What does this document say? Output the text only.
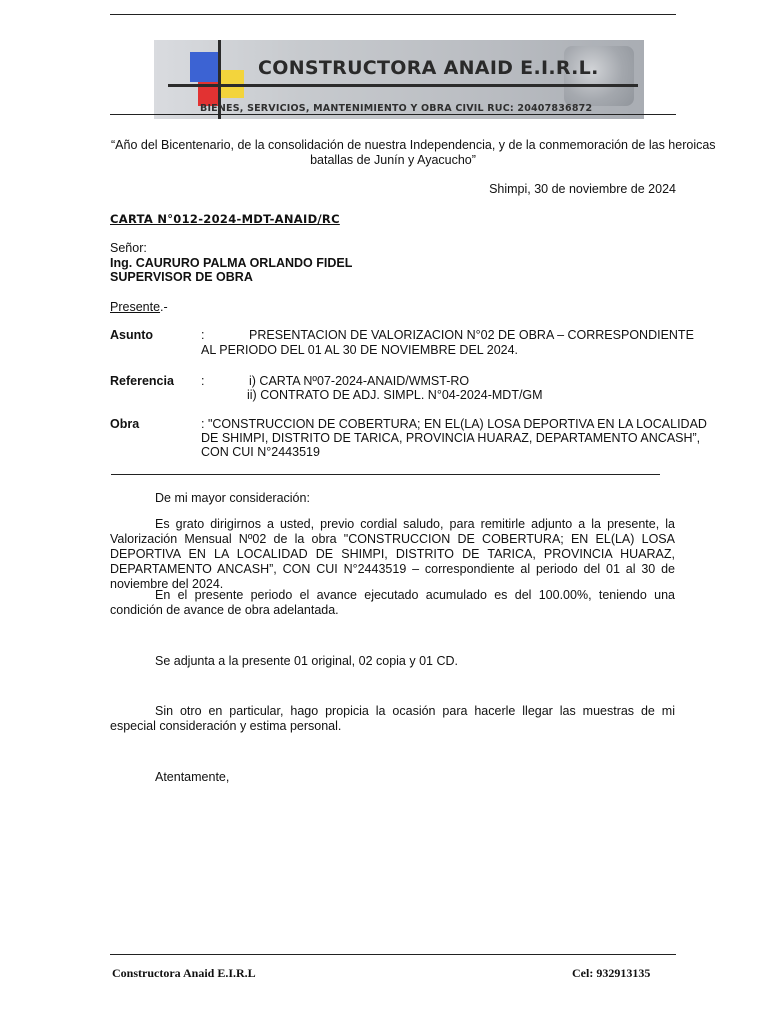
CONSTRUCTORA ANAID E.I.R.L.
BIENES, SERVICIOS, MANTENIMIENTO Y OBRA CIVIL RUC: 20407836872
“Año del Bicentenario, de la consolidación de nuestra Independencia, y de la conmemoración de las heroicas
batallas de Junín y Ayacucho”
Shimpi, 30 de noviembre de 2024
CARTA N°012-2024-MDT-ANAID/RC
Señor:
Ing. CAURURO PALMA ORLANDO FIDEL
SUPERVISOR DE OBRA
Presente.-
Asunto	:	PRESENTACION DE VALORIZACION N°02 DE OBRA – CORRESPONDIENTE
AL PERIODO DEL 01 AL 30 DE NOVIEMBRE DEL 2024.
Referencia :	i) CARTA Nº07-2024-ANAID/WMST-RO
ii) CONTRATO DE ADJ. SIMPL. N°04-2024-MDT/GM
Obra	: "CONSTRUCCION DE COBERTURA; EN EL(LA) LOSA DEPORTIVA EN LA LOCALIDAD
DE SHIMPI, DISTRITO DE TARICA, PROVINCIA HUARAZ, DEPARTAMENTO ANCASH”,
CON CUI N°2443519
De mi mayor consideración:
Es grato dirigirnos a usted, previo cordial saludo, para remitirle adjunto a la presente, la Valorización Mensual Nº02 de la obra "CONSTRUCCION DE COBERTURA; EN EL(LA) LOSA DEPORTIVA EN LA LOCALIDAD DE SHIMPI, DISTRITO DE TARICA, PROVINCIA HUARAZ, DEPARTAMENTO ANCASH”, CON CUI N°2443519 – correspondiente al periodo del 01 al 30 de noviembre del 2024.
En el presente periodo el avance ejecutado acumulado es del 100.00%, teniendo una condición de avance de obra adelantada.
Se adjunta a la presente 01 original, 02 copia y 01 CD.
Sin otro en particular, hago propicia la ocasión para hacerle llegar las muestras de mi especial consideración y estima personal.
Atentamente,
Constructora Anaid E.I.R.L	Cel: 932913135
